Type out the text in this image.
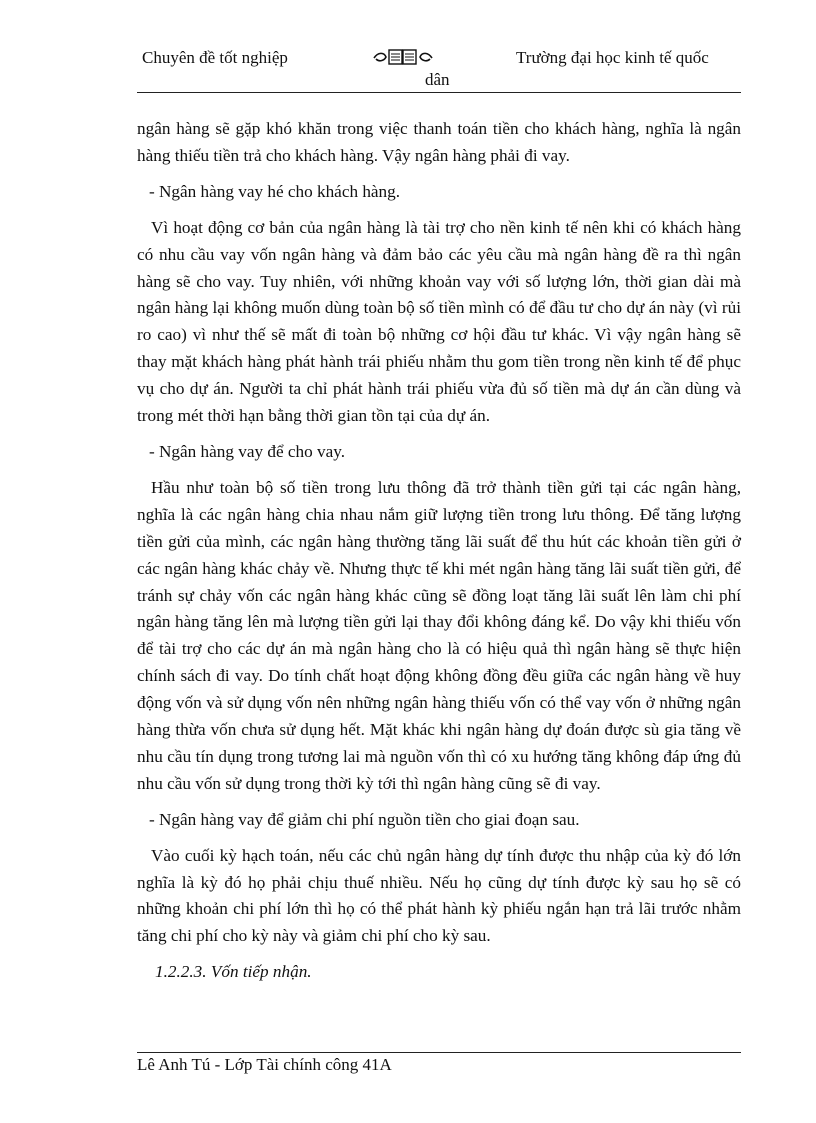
Chuyên đề tốt nghiệp	Trường đại học kinh tế quốc
dân

ngân hàng sẽ gặp khó khăn trong việc thanh toán tiền cho khách hàng, nghĩa là ngân hàng thiếu tiền trả cho khách hàng. Vậy ngân hàng phải đi vay.

- Ngân hàng vay hé cho khách hàng.

Vì hoạt động cơ bản của ngân hàng là tài trợ cho nền kinh tế nên khi có khách hàng có nhu cầu vay vốn ngân hàng và đảm bảo các yêu cầu mà ngân hàng đề ra thì ngân hàng sẽ cho vay. Tuy nhiên, với những khoản vay với số lượng lớn, thời gian dài mà ngân hàng lại không muốn dùng toàn bộ số tiền mình có để đầu tư cho dự án này (vì rủi ro cao) vì như thế sẽ mất đi toàn bộ những cơ hội đầu tư khác. Vì vậy ngân hàng sẽ thay mặt khách hàng phát hành trái phiếu nhằm thu gom tiền trong nền kinh tế để phục vụ cho dự án. Người ta chỉ phát hành trái phiếu vừa đủ số tiền mà dự án cần dùng và trong mét thời hạn bằng thời gian tồn tại của dự án.

- Ngân hàng vay để cho vay.

Hầu như toàn bộ số tiền trong lưu thông đã trở thành tiền gửi tại các ngân hàng, nghĩa là các ngân hàng chia nhau nắm giữ lượng tiền trong lưu thông. Để tăng lượng tiền gửi của mình, các ngân hàng thường tăng lãi suất để thu hút các khoản tiền gửi ở các ngân hàng khác chảy về. Nhưng thực tế khi mét ngân hàng tăng lãi suất tiền gửi, để tránh sự chảy vốn các ngân hàng khác cũng sẽ đồng loạt tăng lãi suất lên làm chi phí ngân hàng tăng lên mà lượng tiền gửi lại thay đổi không đáng kể. Do vậy khi thiếu vốn để tài trợ cho các dự án mà ngân hàng cho là có hiệu quả thì ngân hàng sẽ thực hiện chính sách đi vay. Do tính chất hoạt động không đồng đều giữa các ngân hàng về huy động vốn và sử dụng vốn nên những ngân hàng thiếu vốn có thể vay vốn ở những ngân hàng thừa vốn chưa sử dụng hết. Mặt khác khi ngân hàng dự đoán được sù gia tăng về nhu cầu tín dụng trong tương lai mà nguồn vốn thì có xu hướng tăng không đáp ứng đủ nhu cầu vốn sử dụng trong thời kỳ tới thì ngân hàng cũng sẽ đi vay.

- Ngân hàng vay để giảm chi phí nguồn tiền cho giai đoạn sau.

Vào cuối kỳ hạch toán, nếu các chủ ngân hàng dự tính được thu nhập của kỳ đó lớn nghĩa là kỳ đó họ phải chịu thuế nhiều. Nếu họ cũng dự tính được kỳ sau họ sẽ có những khoản chi phí lớn thì họ có thể phát hành kỳ phiếu ngắn hạn trả lãi trước nhằm tăng chi phí cho kỳ này và giảm chi phí cho kỳ sau.

1.2.2.3. Vốn tiếp nhận.

Lê Anh Tú - Lớp Tài chính công 41A
